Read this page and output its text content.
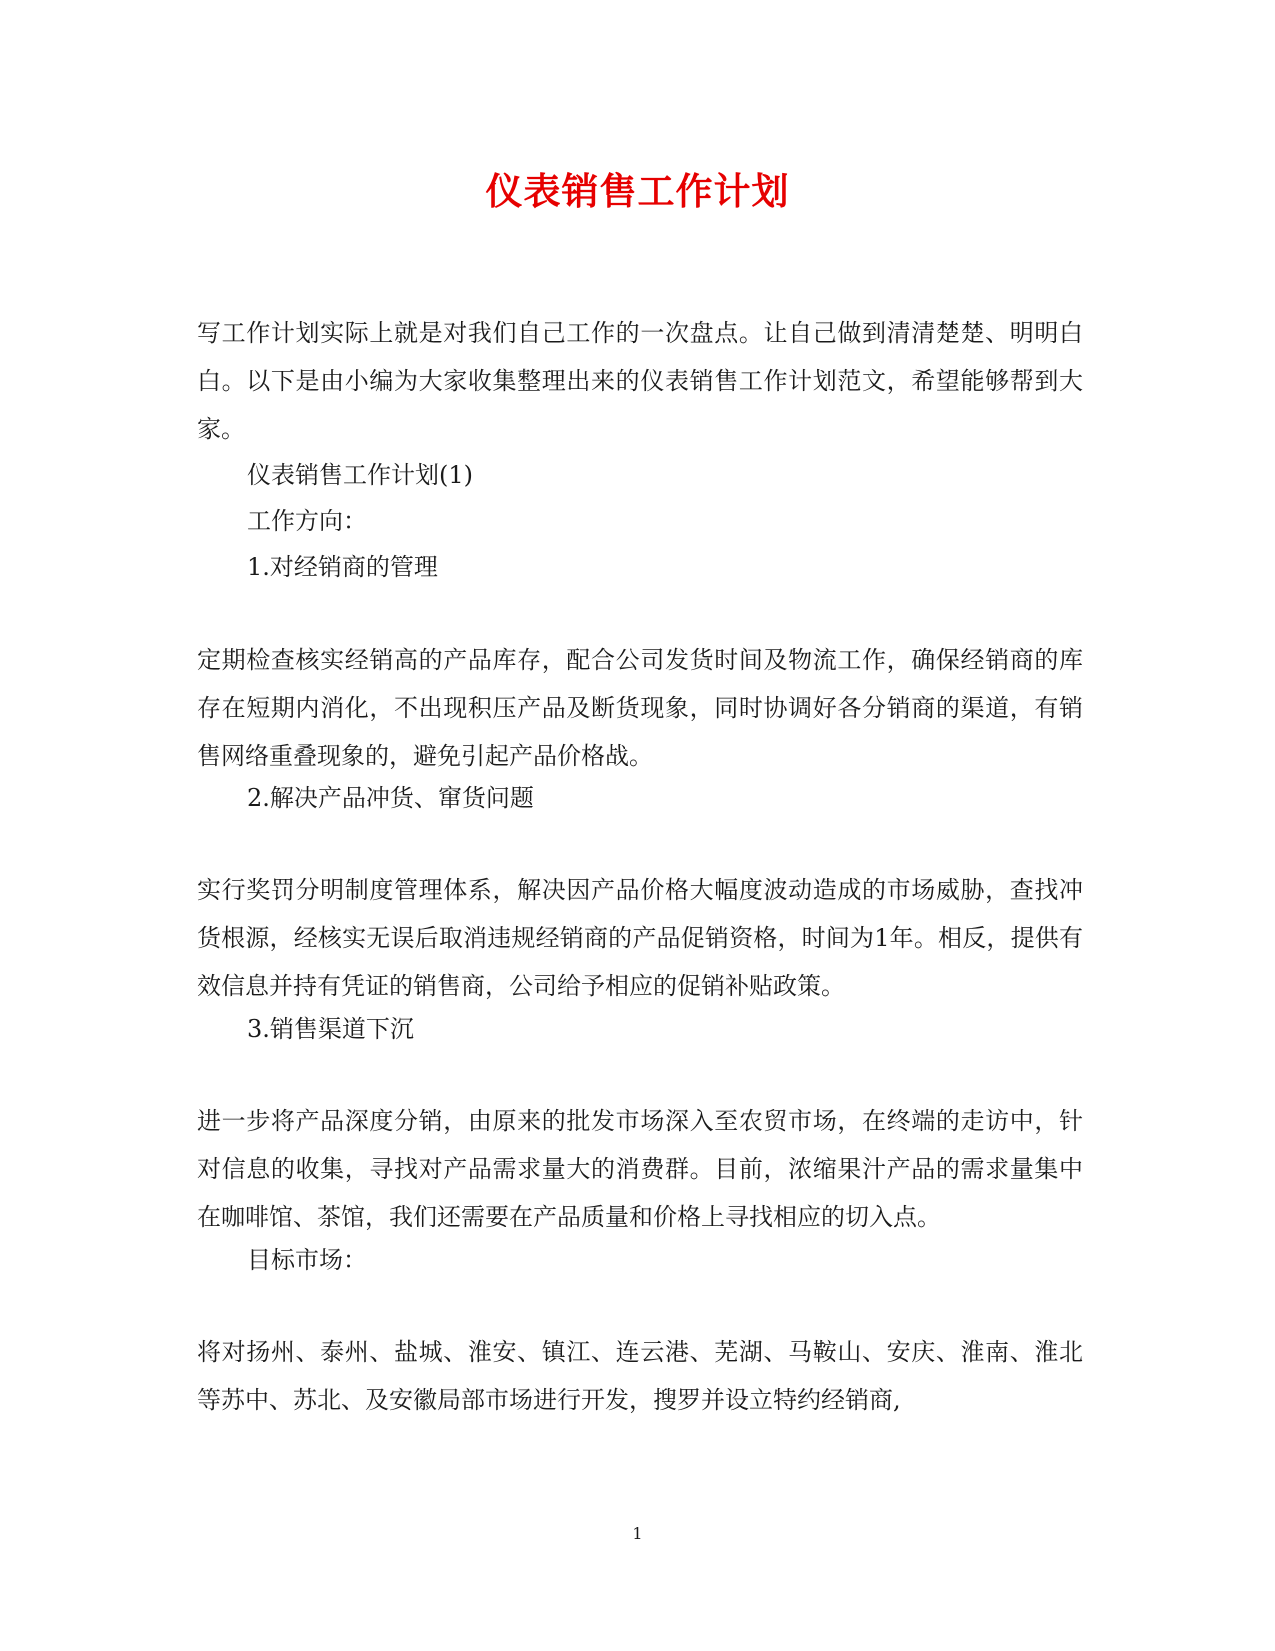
仪表销售工作计划

写工作计划实际上就是对我们自己工作的一次盘点。让自己做到清清楚楚、明明白白。以下是由小编为大家收集整理出来的仪表销售工作计划范文，希望能够帮到大家。

仪表销售工作计划(1)

工作方向：

1.对经销商的管理

定期检查核实经销高的产品库存，配合公司发货时间及物流工作，确保经销商的库存在短期内消化，不出现积压产品及断货现象，同时协调好各分销商的渠道，有销售网络重叠现象的，避免引起产品价格战。

2.解决产品冲货、窜货问题

实行奖罚分明制度管理体系，解决因产品价格大幅度波动造成的市场威胁，查找冲货根源，经核实无误后取消违规经销商的产品促销资格，时间为1年。相反，提供有效信息并持有凭证的销售商，公司给予相应的促销补贴政策。

3.销售渠道下沉

进一步将产品深度分销，由原来的批发市场深入至农贸市场，在终端的走访中，针对信息的收集，寻找对产品需求量大的消费群。目前，浓缩果汁产品的需求量集中在咖啡馆、茶馆，我们还需要在产品质量和价格上寻找相应的切入点。

目标市场：

将对扬州、泰州、盐城、淮安、镇江、连云港、芜湖、马鞍山、安庆、淮南、淮北等苏中、苏北、及安徽局部市场进行开发，搜罗并设立特约经销商,

1
